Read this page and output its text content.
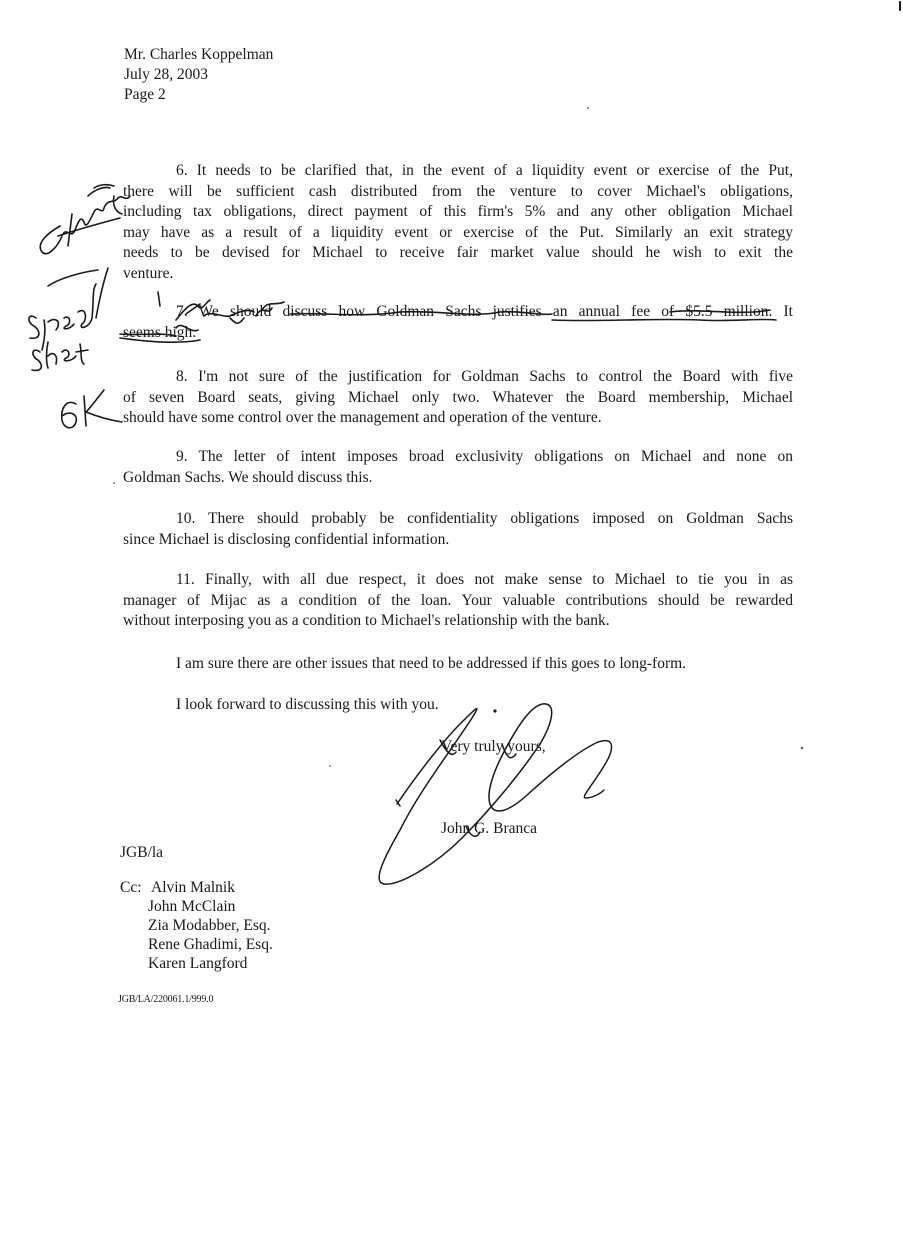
Mr. Charles Koppelman
July 28, 2003
Page 2
6. It needs to be clarified that, in the event of a liquidity event or exercise of the Put,
there will be sufficient cash distributed from the venture to cover Michael's obligations,
including tax obligations, direct payment of this firm's 5% and any other obligation Michael
may have as a result of a liquidity event or exercise of the Put. Similarly an exit strategy
needs to be devised for Michael to receive fair market value should he wish to exit the
venture.
7. We should discuss how Goldman Sachs justifies an annual fee of $5.5 million. It
seems high.
8. I'm not sure of the justification for Goldman Sachs to control the Board with five
of seven Board seats, giving Michael only two. Whatever the Board membership, Michael
should have some control over the management and operation of the venture.
9. The letter of intent imposes broad exclusivity obligations on Michael and none on
Goldman Sachs. We should discuss this.
10. There should probably be confidentiality obligations imposed on Goldman Sachs
since Michael is disclosing confidential information.
11. Finally, with all due respect, it does not make sense to Michael to tie you in as
manager of Mijac as a condition of the loan. Your valuable contributions should be rewarded
without interposing you as a condition to Michael's relationship with the bank.
I am sure there are other issues that need to be addressed if this goes to long-form.
I look forward to discussing this with you.
Very truly yours,
John G. Branca
JGB/la
Cc: Alvin Malnik
John McClain
Zia Modabber, Esq.
Rene Ghadimi, Esq.
Karen Langford
JGB/LA/220061.1/999.0
